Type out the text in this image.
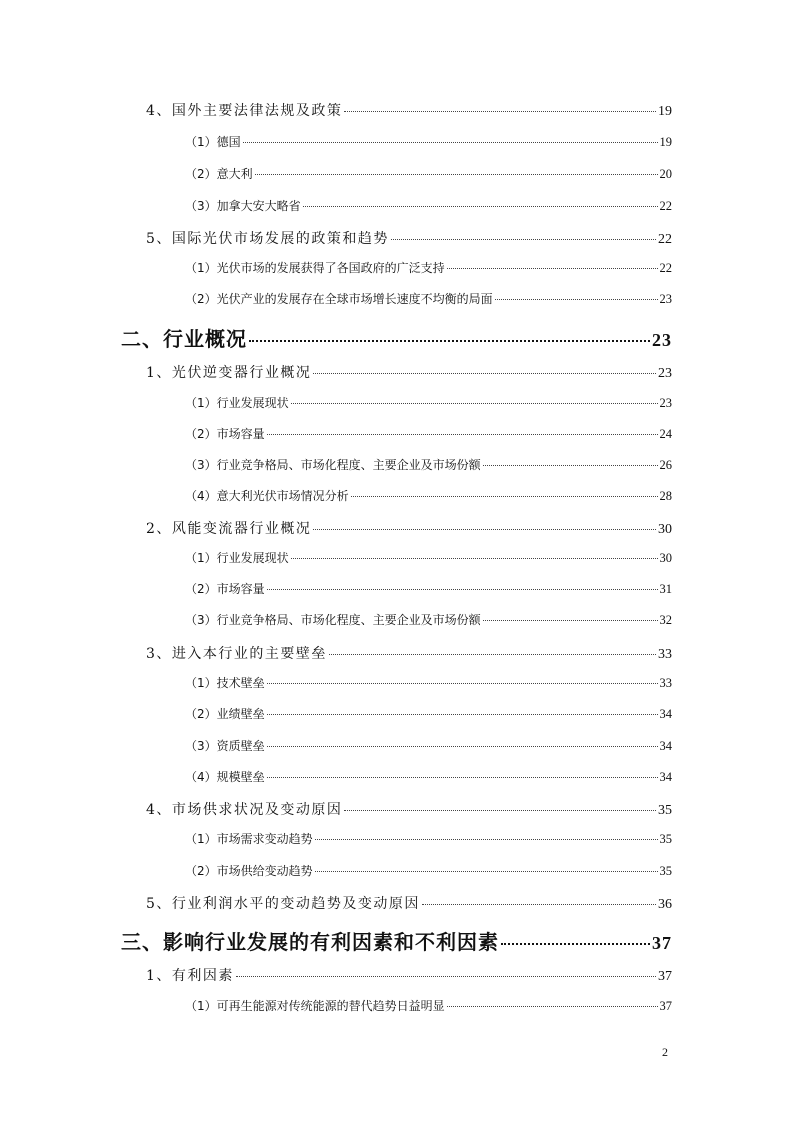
4、国外主要法律法规及政策	19
（1）德国	19
（2）意大利	20
（3）加拿大安大略省	22
5、国际光伏市场发展的政策和趋势	22
（1）光伏市场的发展获得了各国政府的广泛支持	22
（2）光伏产业的发展存在全球市场增长速度不均衡的局面	23
二、行业概况	23
1、光伏逆变器行业概况	23
（1）行业发展现状	23
（2）市场容量	24
（3）行业竞争格局、市场化程度、主要企业及市场份额	26
（4）意大利光伏市场情况分析	28
2、风能变流器行业概况	30
（1）行业发展现状	30
（2）市场容量	31
（3）行业竞争格局、市场化程度、主要企业及市场份额	32
3、进入本行业的主要壁垒	33
（1）技术壁垒	33
（2）业绩壁垒	34
（3）资质壁垒	34
（4）规模壁垒	34
4、市场供求状况及变动原因	35
（1）市场需求变动趋势	35
（2）市场供给变动趋势	35
5、行业利润水平的变动趋势及变动原因	36
三、影响行业发展的有利因素和不利因素	37
1、有利因素	37
（1）可再生能源对传统能源的替代趋势日益明显	37
2
